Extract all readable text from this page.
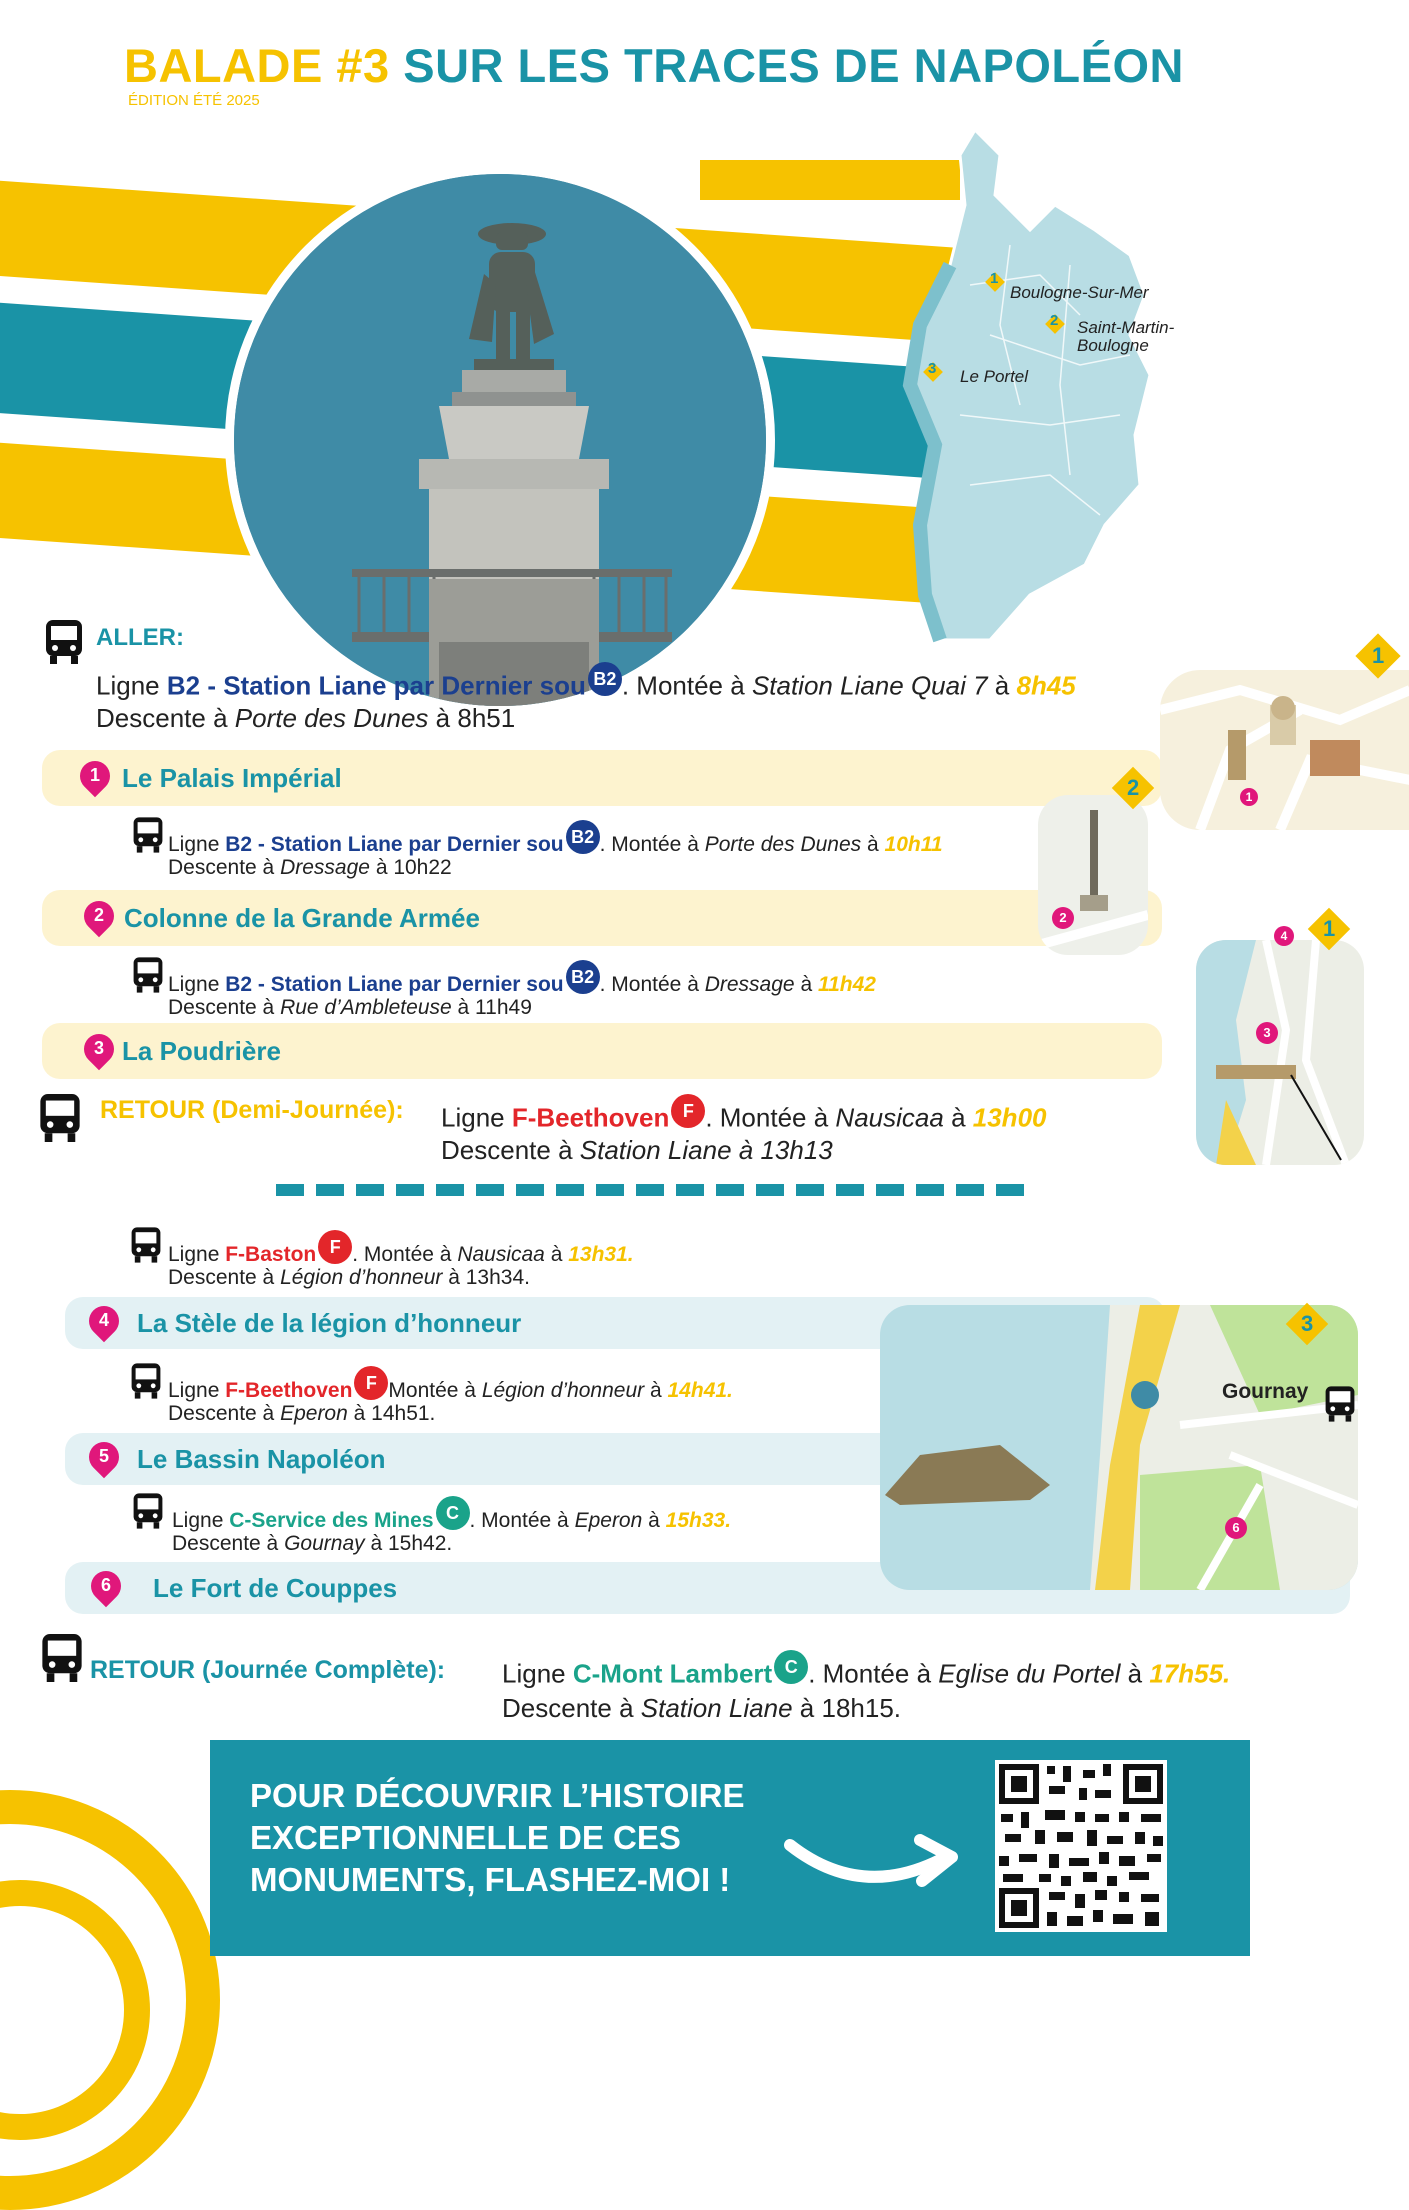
BALADE #3 SUR LES TRACES DE NAPOLÉON
ÉDITION ÉTÉ 2025
1
Boulogne-Sur-Mer
2 Saint-Martin-
Boulogne
3 Le Portel
ALLER:
Ligne B2 - Station Liane par Dernier sou B2 . Montée à Station Liane Quai 7 à 8h45
Descente à Porte des Dunes à 8h51
1 Le Palais Impérial
Ligne B2 - Station Liane par Dernier sou B2 . Montée à Porte des Dunes à 10h11
Descente à Dressage à 10h22
2 Colonne de la Grande Armée
Ligne B2 - Station Liane par Dernier sou B2 . Montée à Dressage à 11h42
Descente à Rue d’Ambleteuse à 11h49
3 La Poudrière
RETOUR (Demi-Journée): Ligne F-Beethoven F . Montée à Nausicaa à 13h00
Descente à Station Liane à 13h13
Ligne F-Baston F . Montée à Nausicaa à 13h31.
Descente à Légion d’honneur à 13h34.
4	La Stèle de la légion d’honneur
Ligne F-Beethoven F Montée à Légion d’honneur à 14h41.
Descente à Eperon à 14h51.
5	Le Bassin Napoléon
Ligne C-Service des Mines C . Montée à Eperon à 15h33.
Descente à Gournay à 15h42.
6	Le Fort de Couppes
RETOUR (Journée Complète): Ligne C-Mont Lambert C . Montée à Eglise du Portel à 17h55.
Descente à Station Liane à 18h15.
1
1
2
2
3
4	1
6
3
Gournay
POUR DÉCOUVRIR L’HISTOIRE
EXCEPTIONNELLE DE CES
MONUMENTS, FLASHEZ-MOI !
